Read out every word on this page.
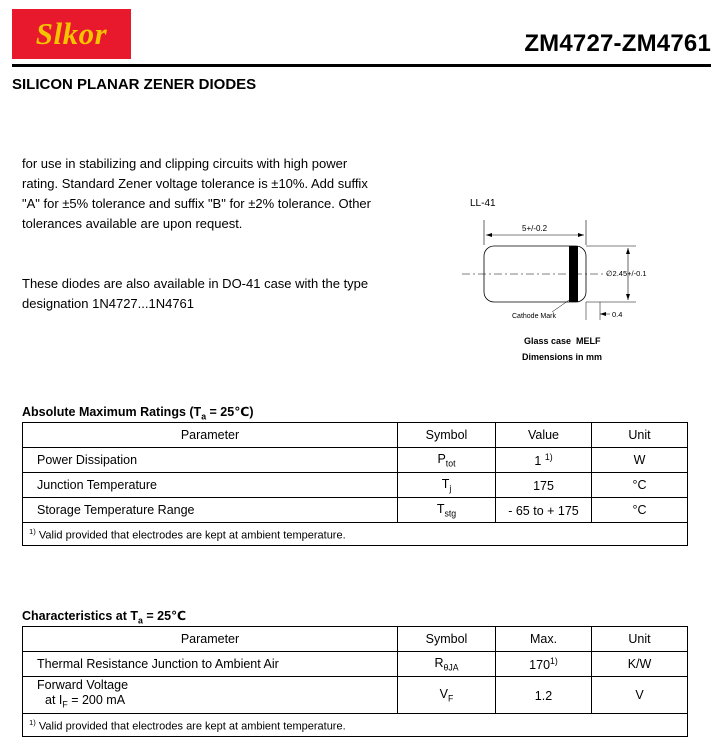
Slkor	ZM4727-ZM4761
SILICON PLANAR ZENER DIODES
for use in stabilizing and clipping circuits with high power rating. Standard Zener voltage tolerance is ±10%. Add suffix "A" for ±5% tolerance and suffix "B" for ±2% tolerance. Other tolerances available are upon request.
These diodes are also available in DO-41 case with the type designation 1N4727...1N4761
LL-41
5+/-0.2
∅2.45+/-0.1
0.4
Cathode Mark
Glass case  MELF
Dimensions in mm
Absolute Maximum Ratings ($T_a$ = 25℃)
Parameter	Symbol	Value	Unit
Power Dissipation	$P_{tot}$	1 $^{1)}$	W
Junction Temperature	$T_j$	175	°C
Storage Temperature Range	$T_{stg}$	- 65 to + 175	°C
$^{1)}$ Valid provided that electrodes are kept at ambient temperature.			
Characteristics at $T_a$ = 25℃
Parameter	Symbol	Max.	Unit
Thermal Resistance Junction to Ambient Air	$R_{\theta JA}$	170$^{1)}$	K/W
Forward Voltage
at $I_F = 200$ mA	$V_F$	1.2	V
$^{1)}$ Valid provided that electrodes are kept at ambient temperature.			
